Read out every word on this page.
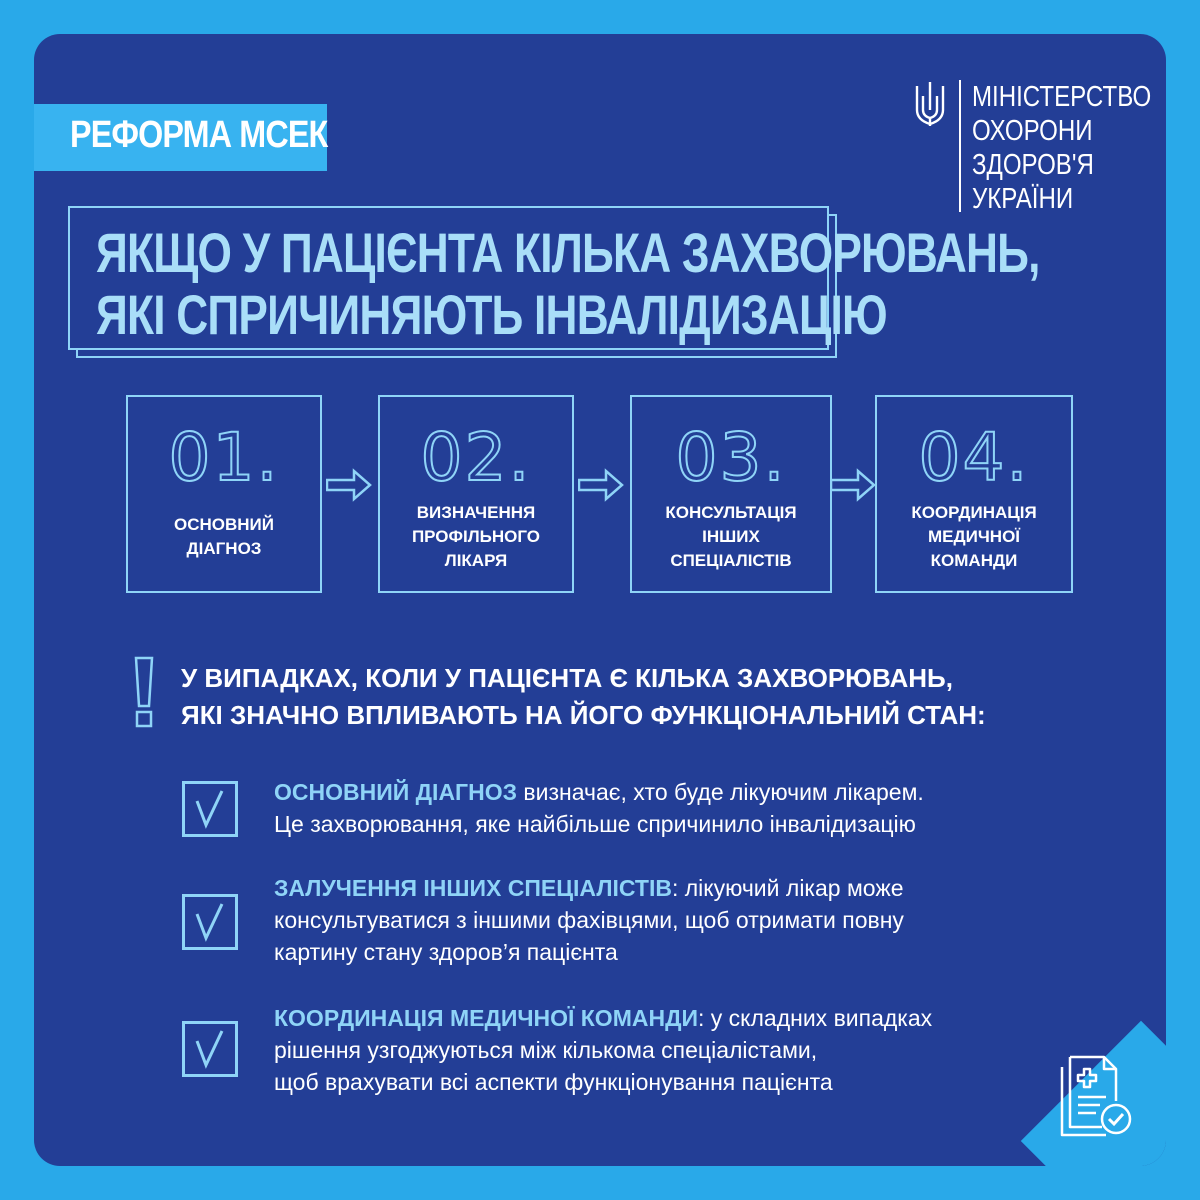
РЕФОРМА МСЕК
МІНІСТЕРСТВО
ОХОРОНИ
ЗДОРОВ'Я
УКРАЇНИ
ЯКЩО У ПАЦІЄНТА КІЛЬКА ЗАХВОРЮВАНЬ,
ЯКІ СПРИЧИНЯЮТЬ ІНВАЛІДИЗАЦІЮ
01.
ОСНОВНИЙ
ДІАГНОЗ
02.
ВИЗНАЧЕННЯ
ПРОФІЛЬНОГО
ЛІКАРЯ
03.
КОНСУЛЬТАЦІЯ
ІНШИХ
СПЕЦІАЛІСТІВ
04.
КООРДИНАЦІЯ
МЕДИЧНОЇ
КОМАНДИ
У ВИПАДКАХ, КОЛИ У ПАЦІЄНТА Є КІЛЬКА ЗАХВОРЮВАНЬ,
ЯКІ ЗНАЧНО ВПЛИВАЮТЬ НА ЙОГО ФУНКЦІОНАЛЬНИЙ СТАН:
ОСНОВНИЙ ДІАГНОЗ визначає, хто буде лікуючим лікарем.
Це захворювання, яке найбільше спричинило інвалідизацію
ЗАЛУЧЕННЯ ІНШИХ СПЕЦІАЛІСТІВ: лікуючий лікар може
консультуватися з іншими фахівцями, щоб отримати повну
картину стану здоров’я пацієнта
КООРДИНАЦІЯ МЕДИЧНОЇ КОМАНДИ: у складних випадках
рішення узгоджуються між кількома спеціалістами,
щоб врахувати всі аспекти функціонування пацієнта
